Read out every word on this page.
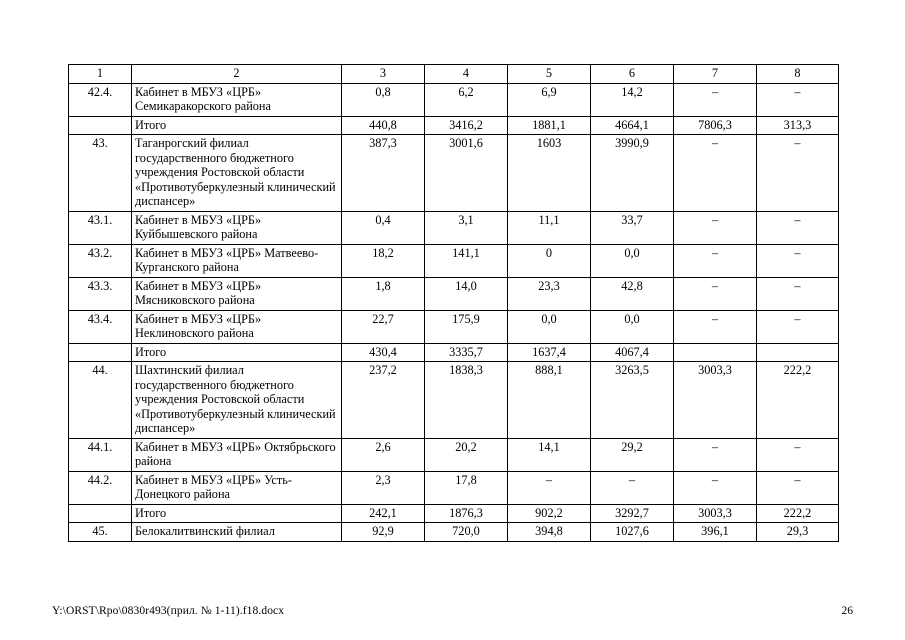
1	2	3	4	5	6	7	8
42.4.	Кабинет в МБУЗ «ЦРБ» Семикаракорского района	0,8	6,2	6,9	14,2	–	–
	Итого	440,8	3416,2	1881,1	4664,1	7806,3	313,3
43.	Таганрогский филиал государственного бюджетного учреждения Ростовской области «Противотуберкулезный клинический диспансер»	387,3	3001,6	1603	3990,9	–	–
43.1.	Кабинет в МБУЗ «ЦРБ» Куйбышевского района	0,4	3,1	11,1	33,7	–	–
43.2.	Кабинет в МБУЗ «ЦРБ» Матвеево-Курганского района	18,2	141,1	0	0,0	–	–
43.3.	Кабинет в МБУЗ «ЦРБ» Мясниковского района	1,8	14,0	23,3	42,8	–	–
43.4.	Кабинет в МБУЗ «ЦРБ» Неклиновского района	22,7	175,9	0,0	0,0	–	–
	Итого	430,4	3335,7	1637,4	4067,4		
44.	Шахтинский филиал государственного бюджетного учреждения Ростовской области «Противотуберкулезный клинический диспансер»	237,2	1838,3	888,1	3263,5	3003,3	222,2
44.1.	Кабинет в МБУЗ «ЦРБ» Октябрьского района	2,6	20,2	14,1	29,2	–	–
44.2.	Кабинет в МБУЗ «ЦРБ» Усть-Донецкого района	2,3	17,8	–	–	–	–
	Итого	242,1	1876,3	902,2	3292,7	3003,3	222,2
45.	Белокалитвинский филиал	92,9	720,0	394,8	1027,6	396,1	29,3
Y:\ORST\Rpo\0830r493(прил. № 1-11).f18.docx	26
